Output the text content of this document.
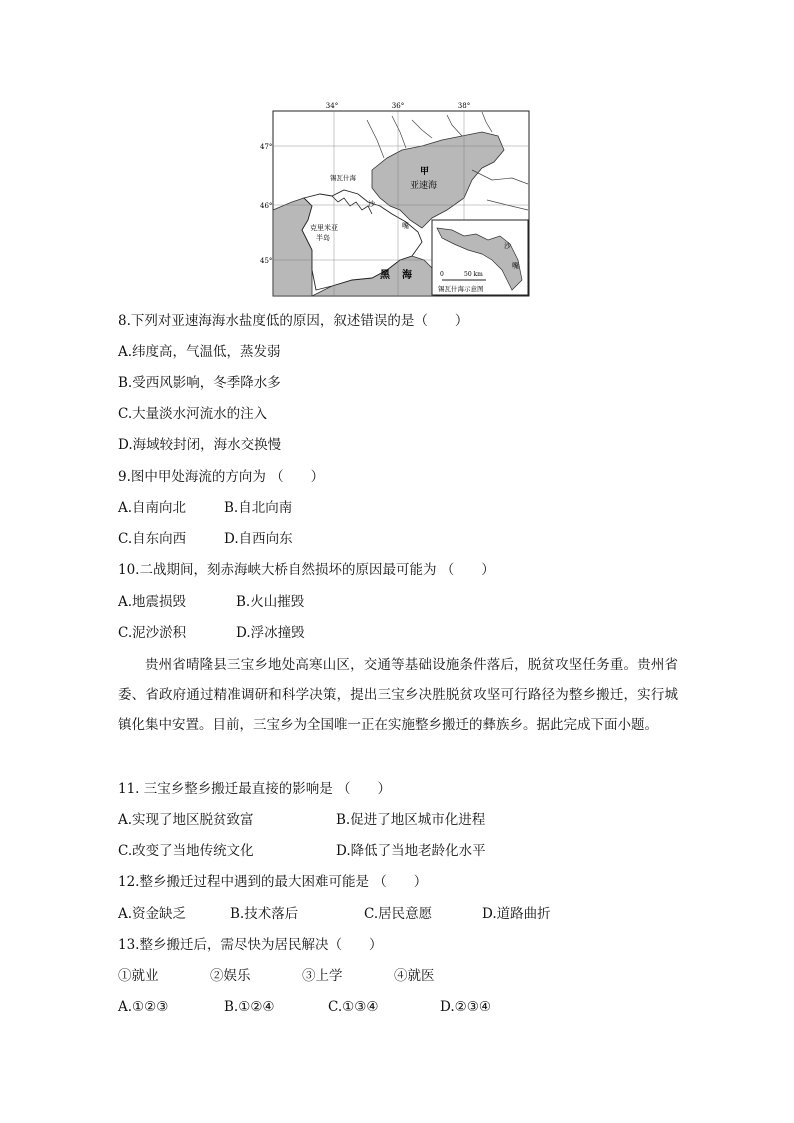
34°	36°	38°
47°
46°
45°
甲
亚速海
锡瓦什海
克里米亚
半岛
沙
嘴
黑 海	0	50 km
沙
嘴
锡瓦什海示意图
8.下列对亚速海海水盐度低的原因，叙述错误的是（　　）
A.纬度高，气温低，蒸发弱
B.受西风影响，冬季降水多
C.大量淡水河流水的注入
D.海域较封闭，海水交换慢
9.图中甲处海流的方向为 （　　）
A.自南向北	B.自北向南
C.自东向西	D.自西向东
10.二战期间，刻赤海峡大桥自然损坏的原因最可能为 （　　）
A.地震损毁	B.火山摧毁
C.泥沙淤积	D.浮冰撞毁
贵州省晴隆县三宝乡地处高寒山区，交通等基础设施条件落后，脱贫攻坚任务重。贵州省委、省政府通过精准调研和科学决策，提出三宝乡决胜脱贫攻坚可行路径为整乡搬迁，实行城镇化集中安置。目前，三宝乡为全国唯一正在实施整乡搬迁的彝族乡。据此完成下面小题。
11. 三宝乡整乡搬迁最直接的影响是 （　　）
A.实现了地区脱贫致富	B.促进了地区城市化进程
C.改变了当地传统文化	D.降低了当地老龄化水平
12.整乡搬迁过程中遇到的最大困难可能是 （　　）
A.资金缺乏	B.技术落后	C.居民意愿	D.道路曲折
13.整乡搬迁后，需尽快为居民解决（　　）
①就业	②娱乐	③上学	④就医
A.①②③	B.①②④	C.①③④	D.②③④
